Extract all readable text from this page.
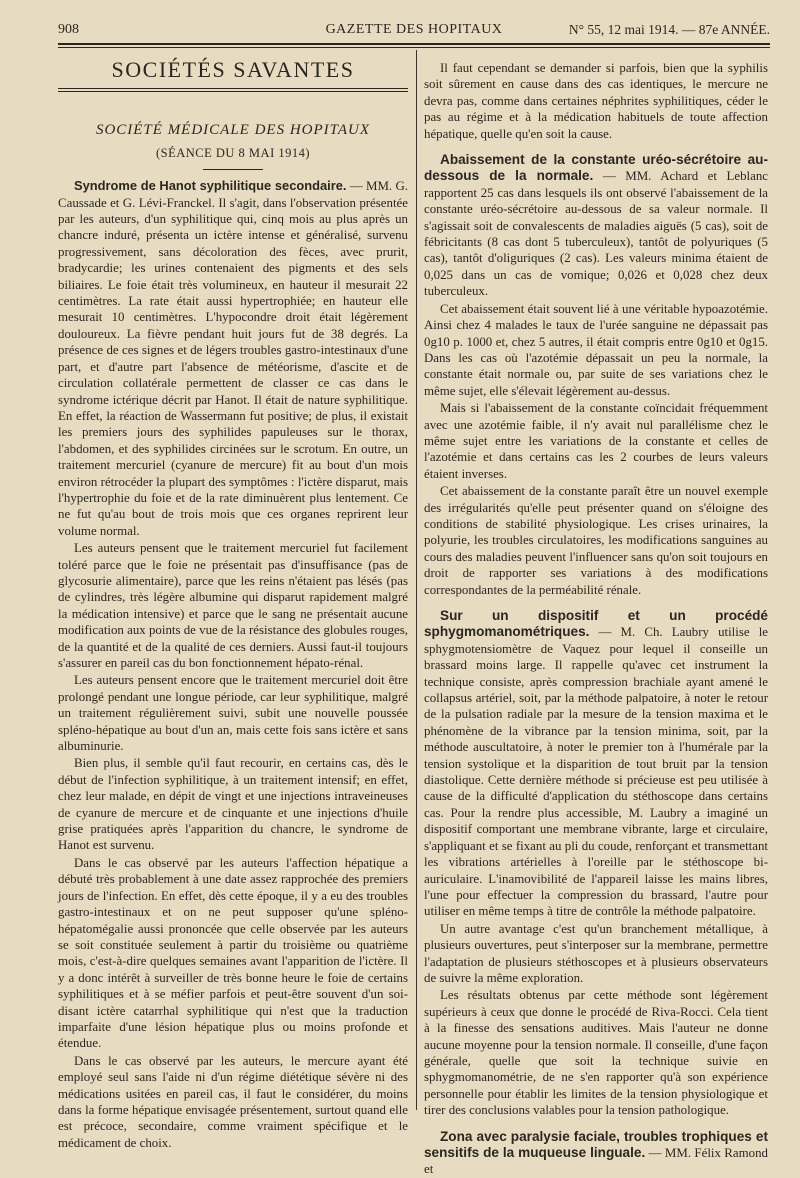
908	GAZETTE DES HOPITAUX	N° 55, 12 mai 1914. — 87e ANNÉE.
SOCIÉTÉS SAVANTES
SOCIÉTÉ MÉDICALE DES HOPITAUX
(SÉANCE DU 8 MAI 1914)

Syndrome de Hanot syphilitique secondaire. — MM. G. Caussade et G. Lévi-Franckel. Il s'agit, dans l'observation présentée par les auteurs, d'un syphilitique qui, cinq mois au plus après un chancre induré, présenta un ictère intense et généralisé, survenu progressivement, sans décoloration des fèces, avec prurit, bradycardie; les urines contenaient des pigments et des sels biliaires. Le foie était très volumineux, en hauteur il mesurait 22 centimètres. La rate était aussi hypertrophiée; en hauteur elle mesurait 10 centimètres. L'hypocondre droit était légèrement douloureux. La fièvre pendant huit jours fut de 38 degrés. La présence de ces signes et de légers troubles gastro-intestinaux d'une part, et d'autre part l'absence de météorisme, d'ascite et de circulation collatérale permettent de classer ce cas dans le syndrome ictérique décrit par Hanot. Il était de nature syphilitique. En effet, la réaction de Wassermann fut positive; de plus, il existait les premiers jours des syphilides papuleuses sur le thorax, l'abdomen, et des syphilides circinées sur le scrotum. En outre, un traitement mercuriel (cyanure de mercure) fit au bout d'un mois environ rétrocéder la plupart des symptômes : l'ictère disparut, mais l'hypertrophie du foie et de la rate diminuèrent plus lentement. Ce ne fut qu'au bout de trois mois que ces organes reprirent leur volume normal.

Les auteurs pensent que le traitement mercuriel fut facilement toléré parce que le foie ne présentait pas d'insuffisance (pas de glycosurie alimentaire), parce que les reins n'étaient pas lésés (pas de cylindres, très légère albumine qui disparut rapidement malgré la médication intensive) et parce que le sang ne présentait aucune modification aux points de vue de la résistance des globules rouges, de la quantité et de la qualité de ces derniers. Aussi faut-il toujours s'assurer en pareil cas du bon fonctionnement hépato-rénal.

Les auteurs pensent encore que le traitement mercuriel doit être prolongé pendant une longue période, car leur syphilitique, malgré un traitement régulièrement suivi, subit une nouvelle poussée spléno-hépatique au bout d'un an, mais cette fois sans ictère et sans albuminurie.

Bien plus, il semble qu'il faut recourir, en certains cas, dès le début de l'infection syphilitique, à un traitement intensif; en effet, chez leur malade, en dépit de vingt et une injections intraveineuses de cyanure de mercure et de cinquante et une injections d'huile grise pratiquées après l'apparition du chancre, le syndrome de Hanot est survenu.

Dans le cas observé par les auteurs l'affection hépatique a débuté très probablement à une date assez rapprochée des premiers jours de l'infection. En effet, dès cette époque, il y a eu des troubles gastro-intestinaux et on ne peut supposer qu'une spléno-hépatomégalie aussi prononcée que celle observée par les auteurs se soit constituée seulement à partir du troisième ou quatrième mois, c'est-à-dire quelques semaines avant l'apparition de l'ictère. Il y a donc intérêt à surveiller de très bonne heure le foie de certains syphilitiques et à se méfier parfois et peut-être souvent d'un soi-disant ictère catarrhal syphilitique qui n'est que la traduction imparfaite d'une lésion hépatique plus ou moins profonde et étendue.

Dans le cas observé par les auteurs, le mercure ayant été employé seul sans l'aide ni d'un régime diététique sévère ni des médications usitées en pareil cas, il faut le considérer, du moins dans la forme hépatique envisagée présentement, surtout quand elle est précoce, secondaire, comme vraiment spécifique et le médicament de choix.

Il faut cependant se demander si parfois, bien que la syphilis soit sûrement en cause dans des cas identiques, le mercure ne devra pas, comme dans certaines néphrites syphilitiques, céder le pas au régime et à la médication habituels de toute affection hépatique, quelle qu'en soit la cause.

Abaissement de la constante uréo-sécrétoire au-dessous de la normale. — MM. Achard et Leblanc rapportent 25 cas dans lesquels ils ont observé l'abaissement de la constante uréo-sécrétoire au-dessous de sa valeur normale. Il s'agissait soit de convalescents de maladies aiguës (5 cas), soit de fébricitants (8 cas dont 5 tuberculeux), tantôt de polyuriques (5 cas), tantôt d'oliguriques (2 cas). Les valeurs minima étaient de 0,025 dans un cas de vomique; 0,026 et 0,028 chez deux tuberculeux.

Cet abaissement était souvent lié à une véritable hypoazotémie. Ainsi chez 4 malades le taux de l'urée sanguine ne dépassait pas 0g10 p. 1000 et, chez 5 autres, il était compris entre 0g10 et 0g15. Dans les cas où l'azotémie dépassait un peu la normale, la constante était normale ou, par suite de ses variations chez le même sujet, elle s'élevait légèrement au-dessus.

Mais si l'abaissement de la constante coïncidait fréquemment avec une azotémie faible, il n'y avait nul parallélisme chez le même sujet entre les variations de la constante et celles de l'azotémie et dans certains cas les 2 courbes de leurs valeurs étaient inverses.

Cet abaissement de la constante paraît être un nouvel exemple des irrégularités qu'elle peut présenter quand on s'éloigne des conditions de stabilité physiologique. Les crises urinaires, la polyurie, les troubles circulatoires, les modifications sanguines au cours des maladies peuvent l'influencer sans qu'on soit toujours en droit de rapporter ses variations à des modifications correspondantes de la perméabilité rénale.

Sur un dispositif et un procédé sphygmomanométriques. — M. Ch. Laubry utilise le sphygmotensiomètre de Vaquez pour lequel il conseille un brassard moins large. Il rappelle qu'avec cet instrument la technique consiste, après compression brachiale ayant amené le collapsus artériel, soit, par la méthode palpatoire, à noter le retour de la pulsation radiale par la mesure de la tension maxima et le phénomène de la vibrance par la tension minima, soit, par la méthode auscultatoire, à noter le premier ton à l'humérale par la tension systolique et la disparition de tout bruit par la tension diastolique. Cette dernière méthode si précieuse est peu utilisée à cause de la difficulté d'application du stéthoscope dans certains cas. Pour la rendre plus accessible, M. Laubry a imaginé un dispositif comportant une membrane vibrante, large et circulaire, s'appliquant et se fixant au pli du coude, renforçant et transmettant les vibrations artérielles à l'oreille par le stéthoscope bi-auriculaire. L'inamovibilité de l'appareil laisse les mains libres, l'une pour effectuer la compression du brassard, l'autre pour utiliser en même temps à titre de contrôle la méthode palpatoire.

Un autre avantage c'est qu'un branchement métallique, à plusieurs ouvertures, peut s'interposer sur la membrane, permettre l'adaptation de plusieurs stéthoscopes et à plusieurs observateurs de suivre la même exploration.

Les résultats obtenus par cette méthode sont légèrement supérieurs à ceux que donne le procédé de Riva-Rocci. Cela tient à la finesse des sensations auditives. Mais l'auteur ne donne aucune moyenne pour la tension normale. Il conseille, d'une façon générale, quelle que soit la technique suivie en sphygmomanométrie, de ne s'en rapporter qu'à son expérience personnelle pour établir les limites de la tension physiologique et tirer des conclusions valables pour la tension pathologique.

Zona avec paralysie faciale, troubles trophiques et sensitifs de la muqueuse linguale. — MM. Félix Ramond et
